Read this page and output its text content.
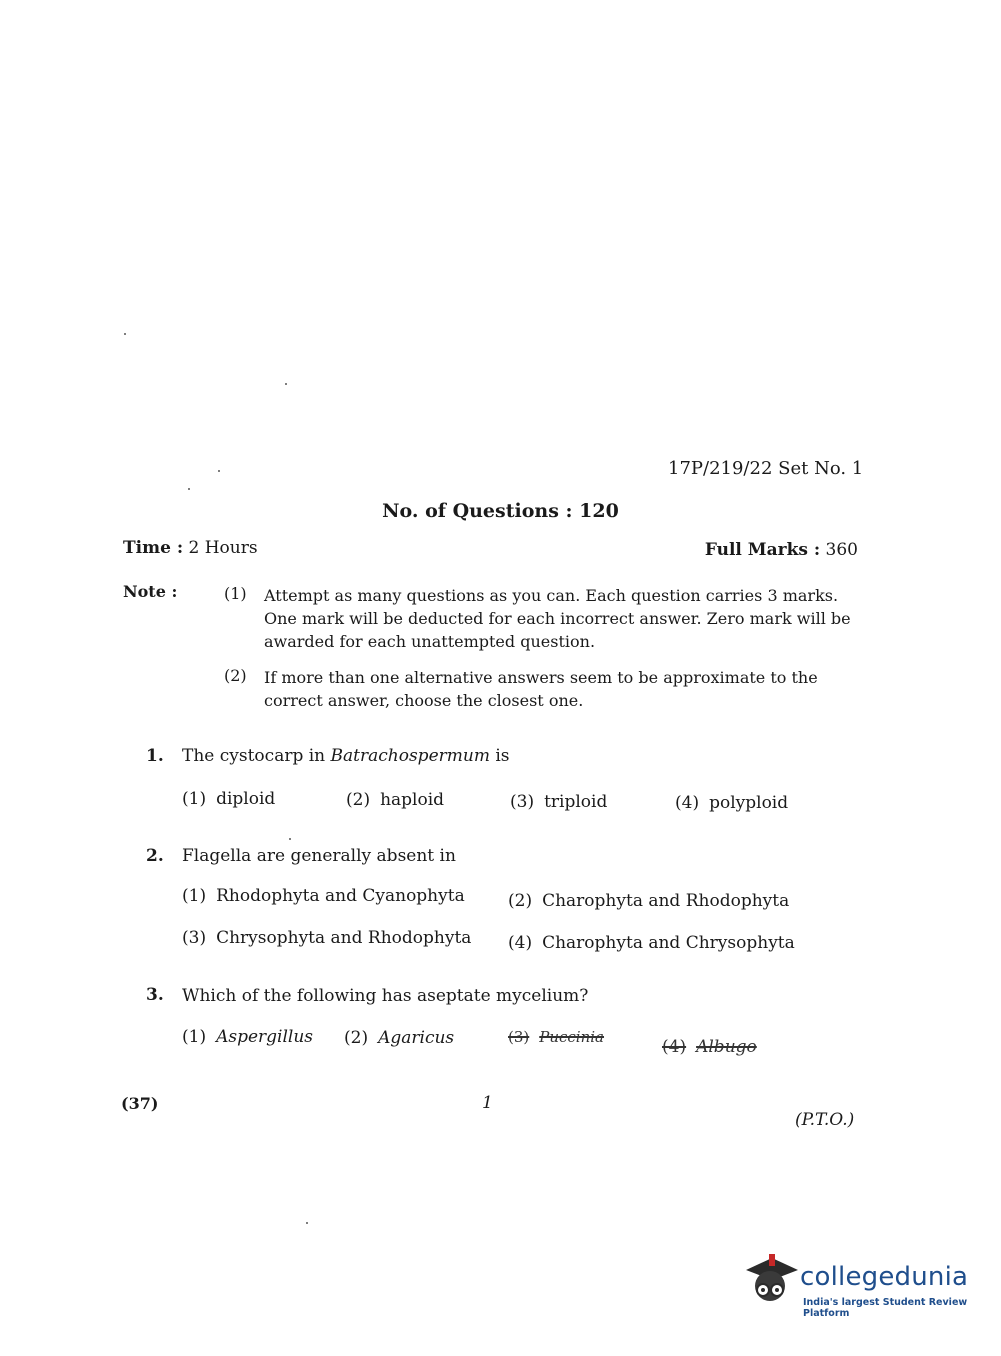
17P/219/22 Set No. 1
No. of Questions : 120
Time : 2 Hours	Full Marks : 360
Note :	(1) Attempt as many questions as you can. Each question carries 3 marks. One mark will be deducted for each incorrect answer. Zero mark will be awarded for each unattempted question.
(2) If more than one alternative answers seem to be approximate to the correct answer, choose the closest one.
1. The cystocarp in Batrachospermum is
(1) diploid	(2) haploid	(3) triploid	(4) polyploid
2. Flagella are generally absent in
(1) Rhodophyta and Cyanophyta	(2) Charophyta and Rhodophyta
(3) Chrysophyta and Rhodophyta (4) Charophyta and Chrysophyta
3. Which of the following has aseptate mycelium?
(1) Aspergillus (2) Agaricus	(3) Puccinia	(4) Albugo
(37)	1
(P.T.O.)
collegedunia
India's largest Student Review Platform
